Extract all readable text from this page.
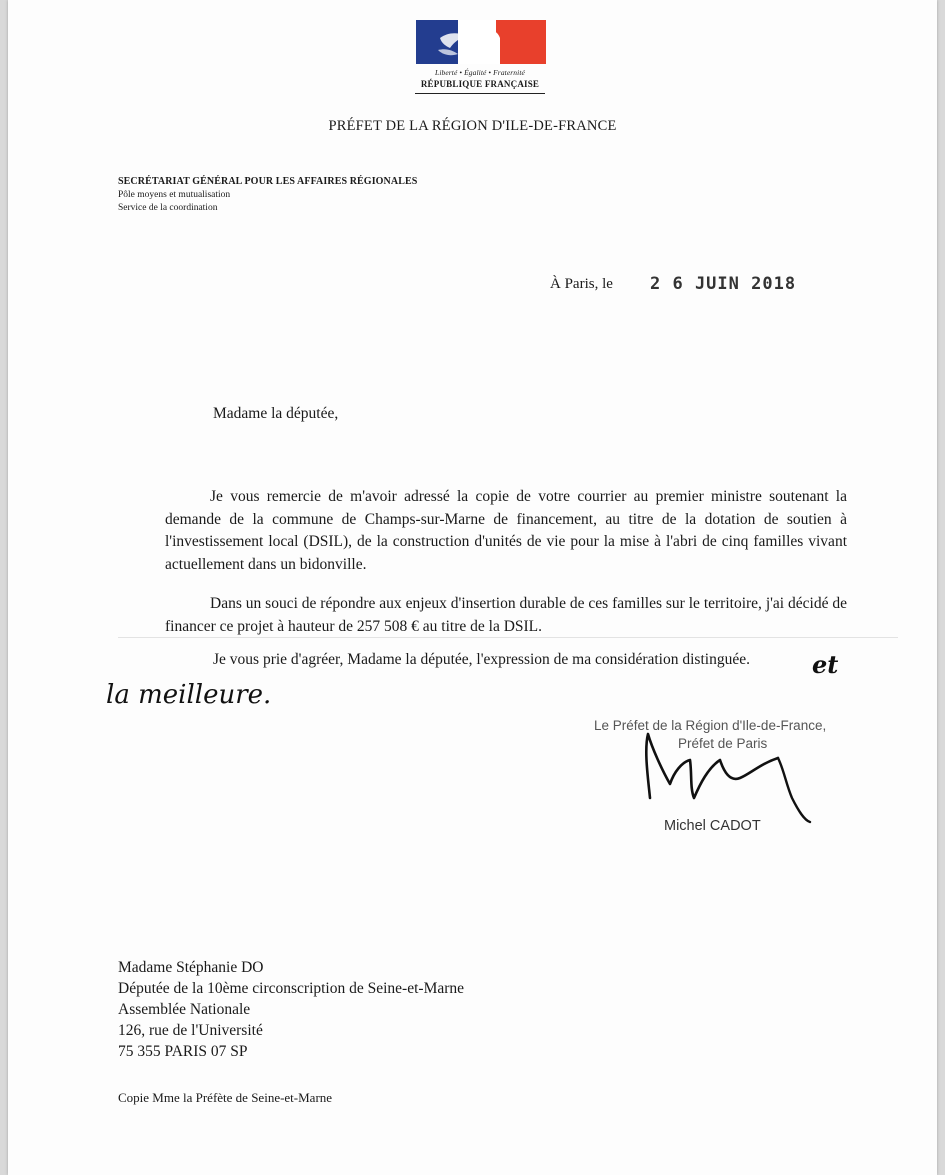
Liberté • Égalité • Fraternité
RÉPUBLIQUE FRANÇAISE
PRÉFET DE LA RÉGION D'ILE-DE-FRANCE
SECRÉTARIAT GÉNÉRAL POUR LES AFFAIRES RÉGIONALES
Pôle moyens et mutualisation
Service de la coordination
À Paris, le 2 6 JUIN 2018
Madame la députée,
Je vous remercie de m'avoir adressé la copie de votre courrier au premier ministre soutenant la demande de la commune de Champs-sur-Marne de financement, au titre de la dotation de soutien à l'investissement local (DSIL), de la construction d'unités de vie pour la mise à l'abri de cinq familles vivant actuellement dans un bidonville.
Dans un souci de répondre aux enjeux d'insertion durable de ces familles sur le territoire, j'ai décidé de financer ce projet à hauteur de 257 508 € au titre de la DSIL.
Je vous prie d'agréer, Madame la députée, l'expression de ma considération distinguée.	et
la meilleure.
Le Préfet de la Région d'Ile-de-France,
Préfet de Paris
Michel CADOT
Madame Stéphanie DO
Députée de la 10ème circonscription de Seine-et-Marne
Assemblée Nationale
126, rue de l'Université
75 355 PARIS 07 SP
Copie Mme la Préfète de Seine-et-Marne
